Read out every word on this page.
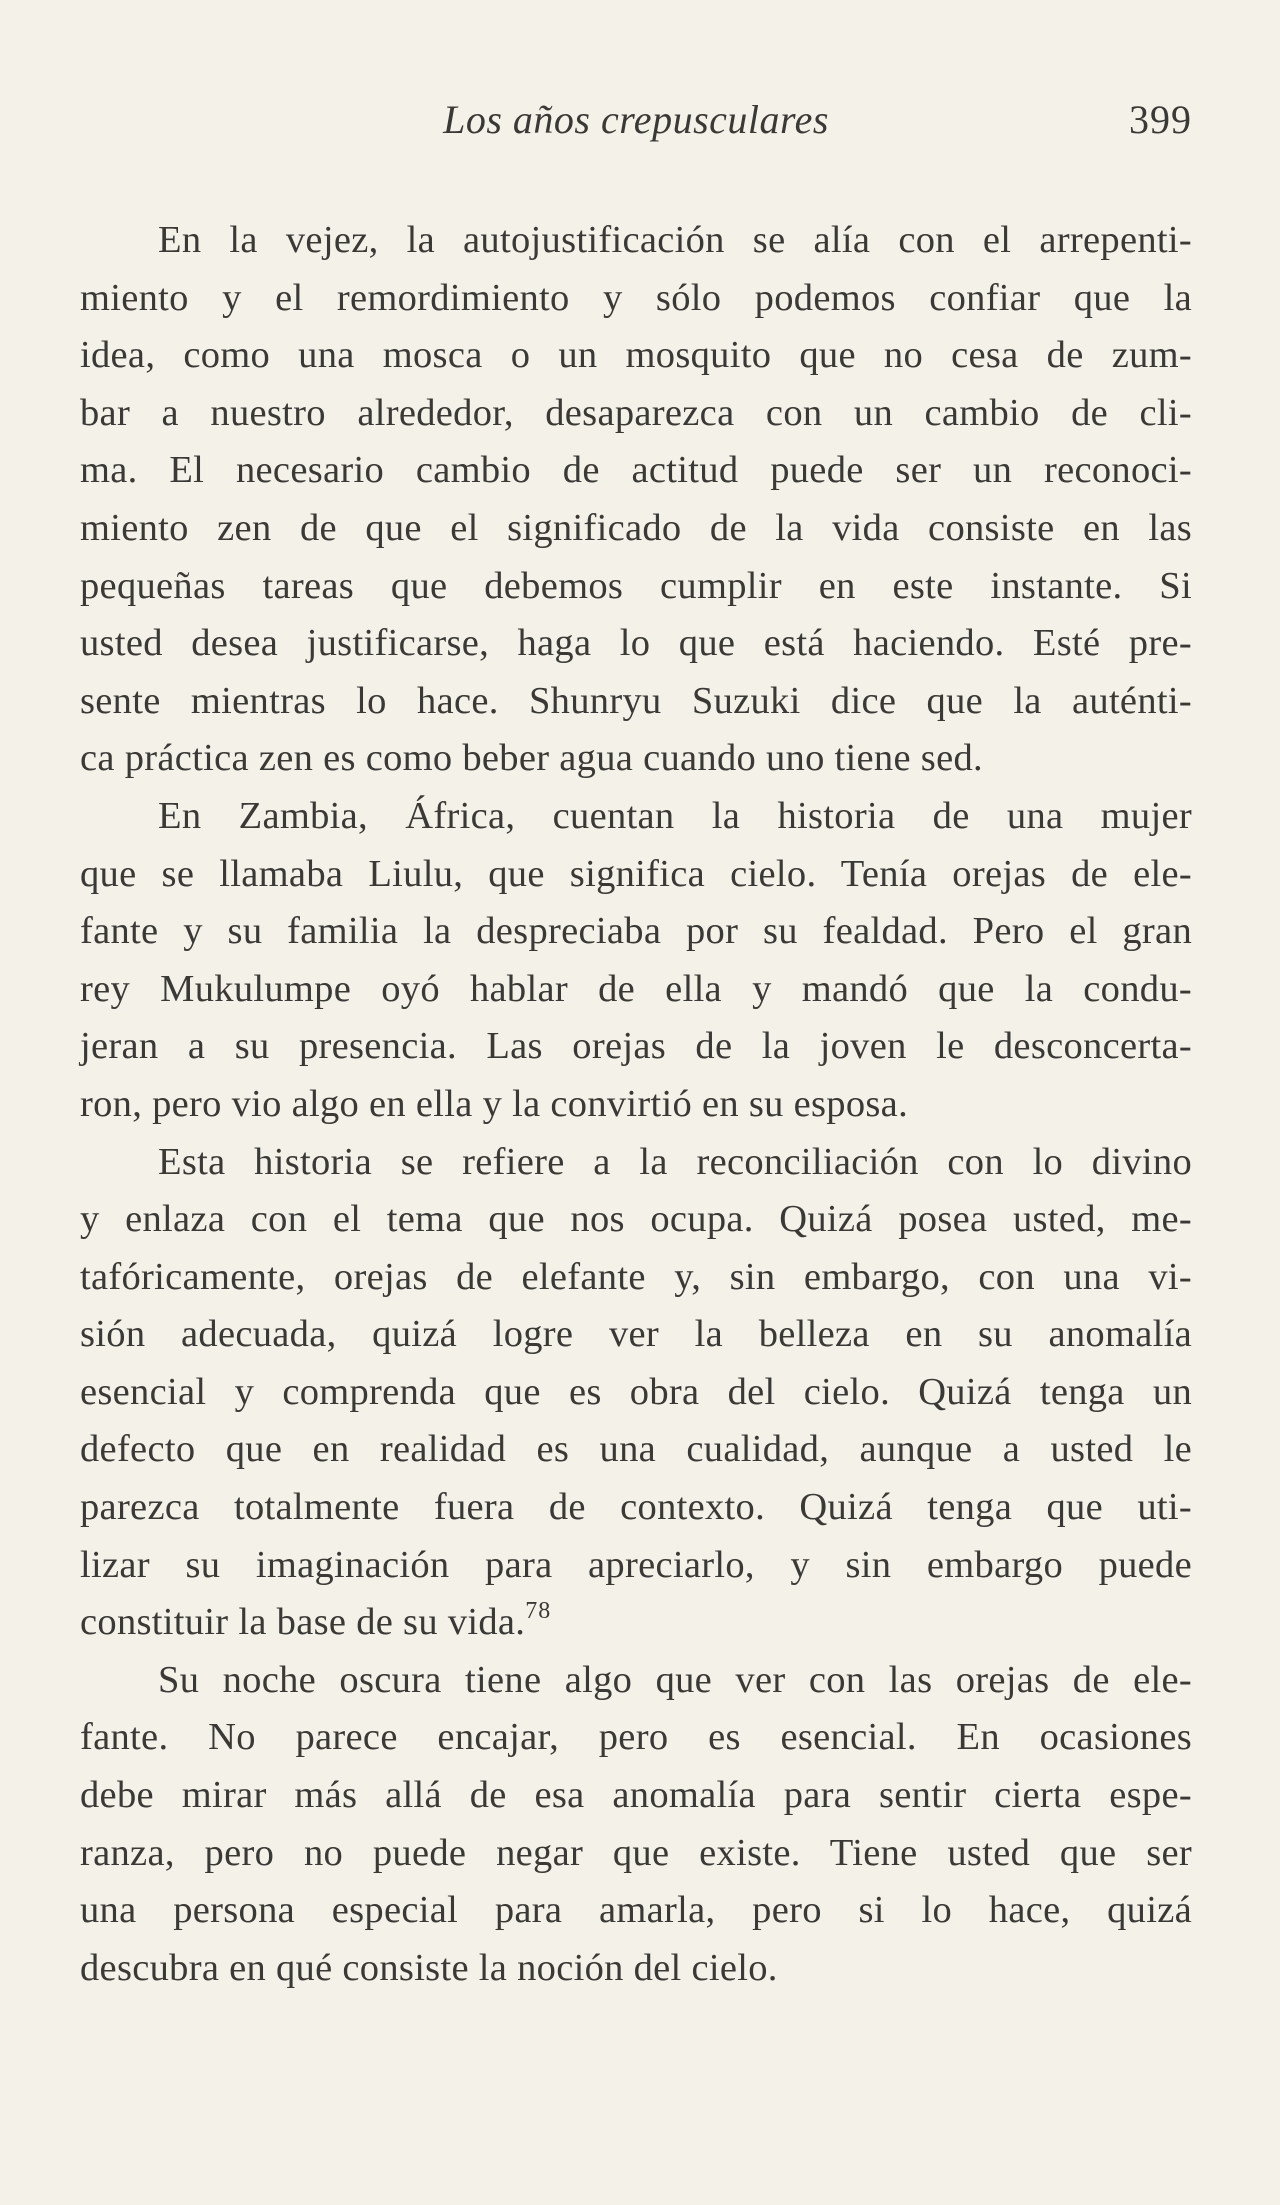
Los años crepusculares	399
En la vejez, la autojustificación se alía con el arrepenti-
miento y el remordimiento y sólo podemos confiar que la
idea, como una mosca o un mosquito que no cesa de zum-
bar a nuestro alrededor, desaparezca con un cambio de cli-
ma. El necesario cambio de actitud puede ser un reconoci-
miento zen de que el significado de la vida consiste en las
pequeñas tareas que debemos cumplir en este instante. Si
usted desea justificarse, haga lo que está haciendo. Esté pre-
sente mientras lo hace. Shunryu Suzuki dice que la auténti-
ca práctica zen es como beber agua cuando uno tiene sed.
En Zambia, África, cuentan la historia de una mujer
que se llamaba Liulu, que significa cielo. Tenía orejas de ele-
fante y su familia la despreciaba por su fealdad. Pero el gran
rey Mukulumpe oyó hablar de ella y mandó que la condu-
jeran a su presencia. Las orejas de la joven le desconcerta-
ron, pero vio algo en ella y la convirtió en su esposa.
Esta historia se refiere a la reconciliación con lo divino
y enlaza con el tema que nos ocupa. Quizá posea usted, me-
tafóricamente, orejas de elefante y, sin embargo, con una vi-
sión adecuada, quizá logre ver la belleza en su anomalía
esencial y comprenda que es obra del cielo. Quizá tenga un
defecto que en realidad es una cualidad, aunque a usted le
parezca totalmente fuera de contexto. Quizá tenga que uti-
lizar su imaginación para apreciarlo, y sin embargo puede
constituir la base de su vida.$^{78}$
Su noche oscura tiene algo que ver con las orejas de ele-
fante. No parece encajar, pero es esencial. En ocasiones
debe mirar más allá de esa anomalía para sentir cierta espe-
ranza, pero no puede negar que existe. Tiene usted que ser
una persona especial para amarla, pero si lo hace, quizá
descubra en qué consiste la noción del cielo.
